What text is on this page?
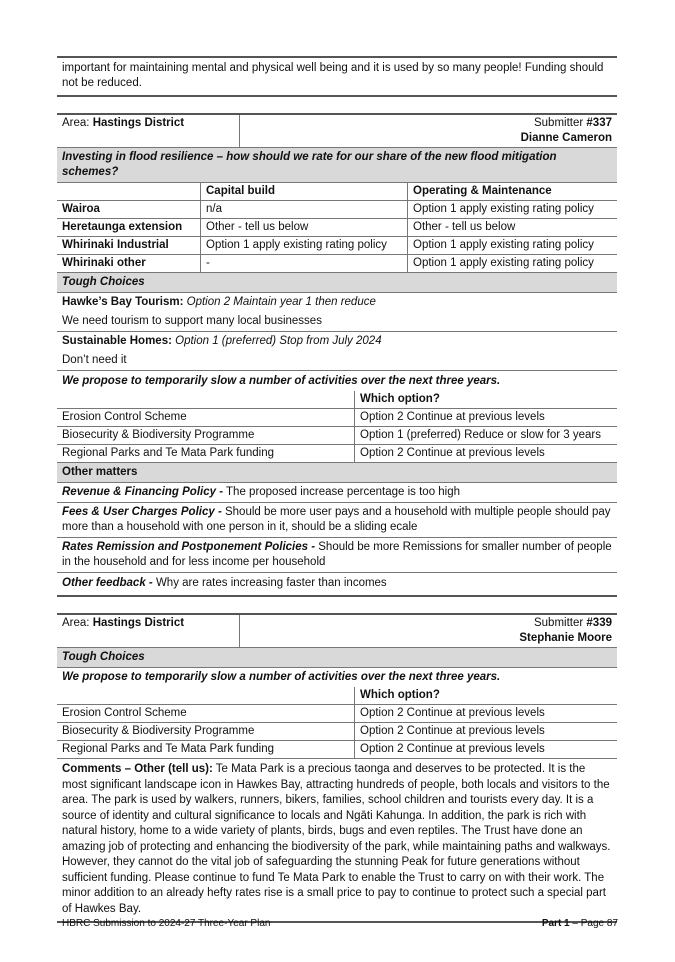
important for maintaining mental and physical well being and it is used by so many people! Funding should not be reduced.
Area: Hastings District	Submitter #337
Dianne Cameron
Investing in flood resilience – how should we rate for our share of the new flood mitigation schemes?
	Capital build	Operating & Maintenance
Wairoa	n/a	Option 1 apply existing rating policy
Heretaunga extension	Other - tell us below	Other - tell us below
Whirinaki Industrial	Option 1 apply existing rating policy	Option 1 apply existing rating policy
Whirinaki other	-	Option 1 apply existing rating policy
Tough Choices
Hawke’s Bay Tourism: Option 2 Maintain year 1 then reduce
We need tourism to support many local businesses
Sustainable Homes: Option 1 (preferred) Stop from July 2024
Don’t need it
We propose to temporarily slow a number of activities over the next three years.
	Which option?
Erosion Control Scheme	Option 2 Continue at previous levels
Biosecurity & Biodiversity Programme	Option 1 (preferred) Reduce or slow for 3 years
Regional Parks and Te Mata Park funding	Option 2 Continue at previous levels
Other matters
Revenue & Financing Policy - The proposed increase percentage is too high
Fees & User Charges Policy - Should be more user pays and a household with multiple people should pay more than a household with one person in it, should be a sliding ecale
Rates Remission and Postponement Policies - Should be more Remissions for smaller number of people in the household and for less income per household
Other feedback - Why are rates increasing faster than incomes
Area: Hastings District	Submitter #339
Stephanie Moore
Tough Choices
We propose to temporarily slow a number of activities over the next three years.
	Which option?
Erosion Control Scheme	Option 2 Continue at previous levels
Biosecurity & Biodiversity Programme	Option 2 Continue at previous levels
Regional Parks and Te Mata Park funding	Option 2 Continue at previous levels
Comments – Other (tell us): Te Mata Park is a precious taonga and deserves to be protected. It is the most significant landscape icon in Hawkes Bay, attracting hundreds of people, both locals and visitors to the area. The park is used by walkers, runners, bikers, families, school children and tourists every day. It is a source of identity and cultural significance to locals and Ngāti Kahunga. In addition, the park is rich with natural history, home to a wide variety of plants, birds, bugs and even reptiles. The Trust have done an amazing job of protecting and enhancing the biodiversity of the park, while maintaining paths and walkways. However, they cannot do the vital job of safeguarding the stunning Peak for future generations without sufficient funding. Please continue to fund Te Mata Park to enable the Trust to carry on with their work. The minor addition to an already hefty rates rise is a small price to pay to continue to protect such a special part of Hawkes Bay.
HBRC Submission to 2024-27 Three-Year Plan	Part 1 – Page 87
